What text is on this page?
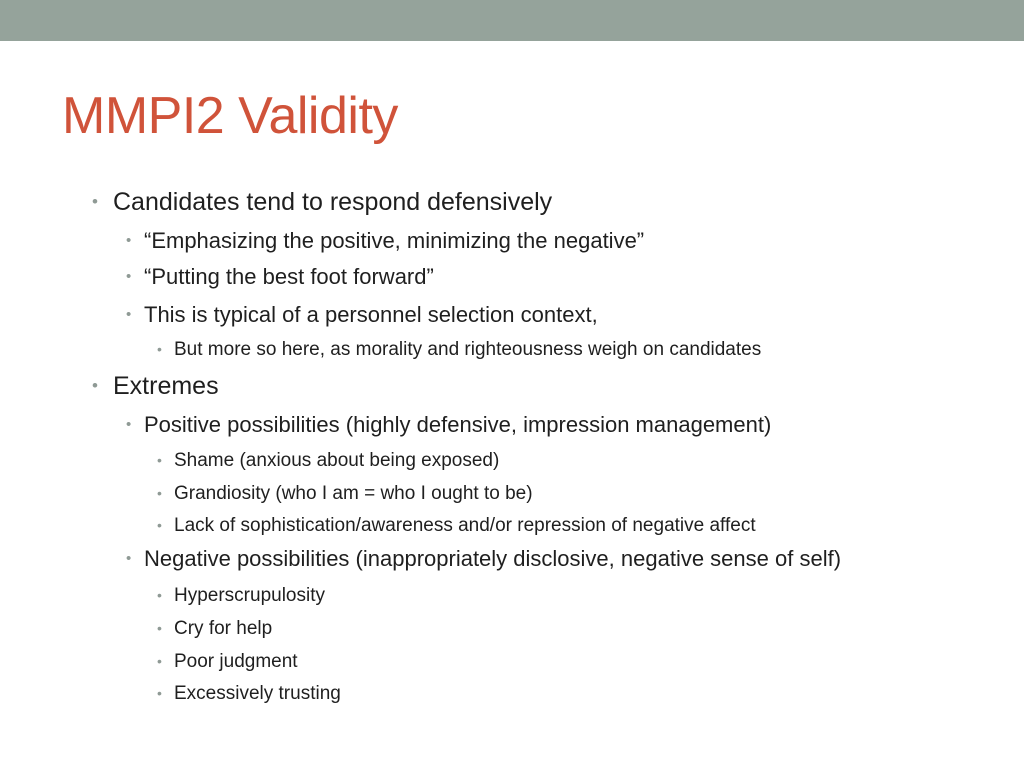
MMPI2 Validity
• Candidates tend to respond defensively
• “Emphasizing the positive, minimizing the negative”
• “Putting the best foot forward”
• This is typical of a personnel selection context,
• But more so here, as morality and righteousness weigh on candidates
• Extremes
• Positive possibilities (highly defensive, impression management)
• Shame (anxious about being exposed)
• Grandiosity (who I am = who I ought to be)
• Lack of sophistication/awareness and/or repression of negative affect
• Negative possibilities (inappropriately disclosive, negative sense of self)
• Hyperscrupulosity
• Cry for help
• Poor judgment
• Excessively trusting
